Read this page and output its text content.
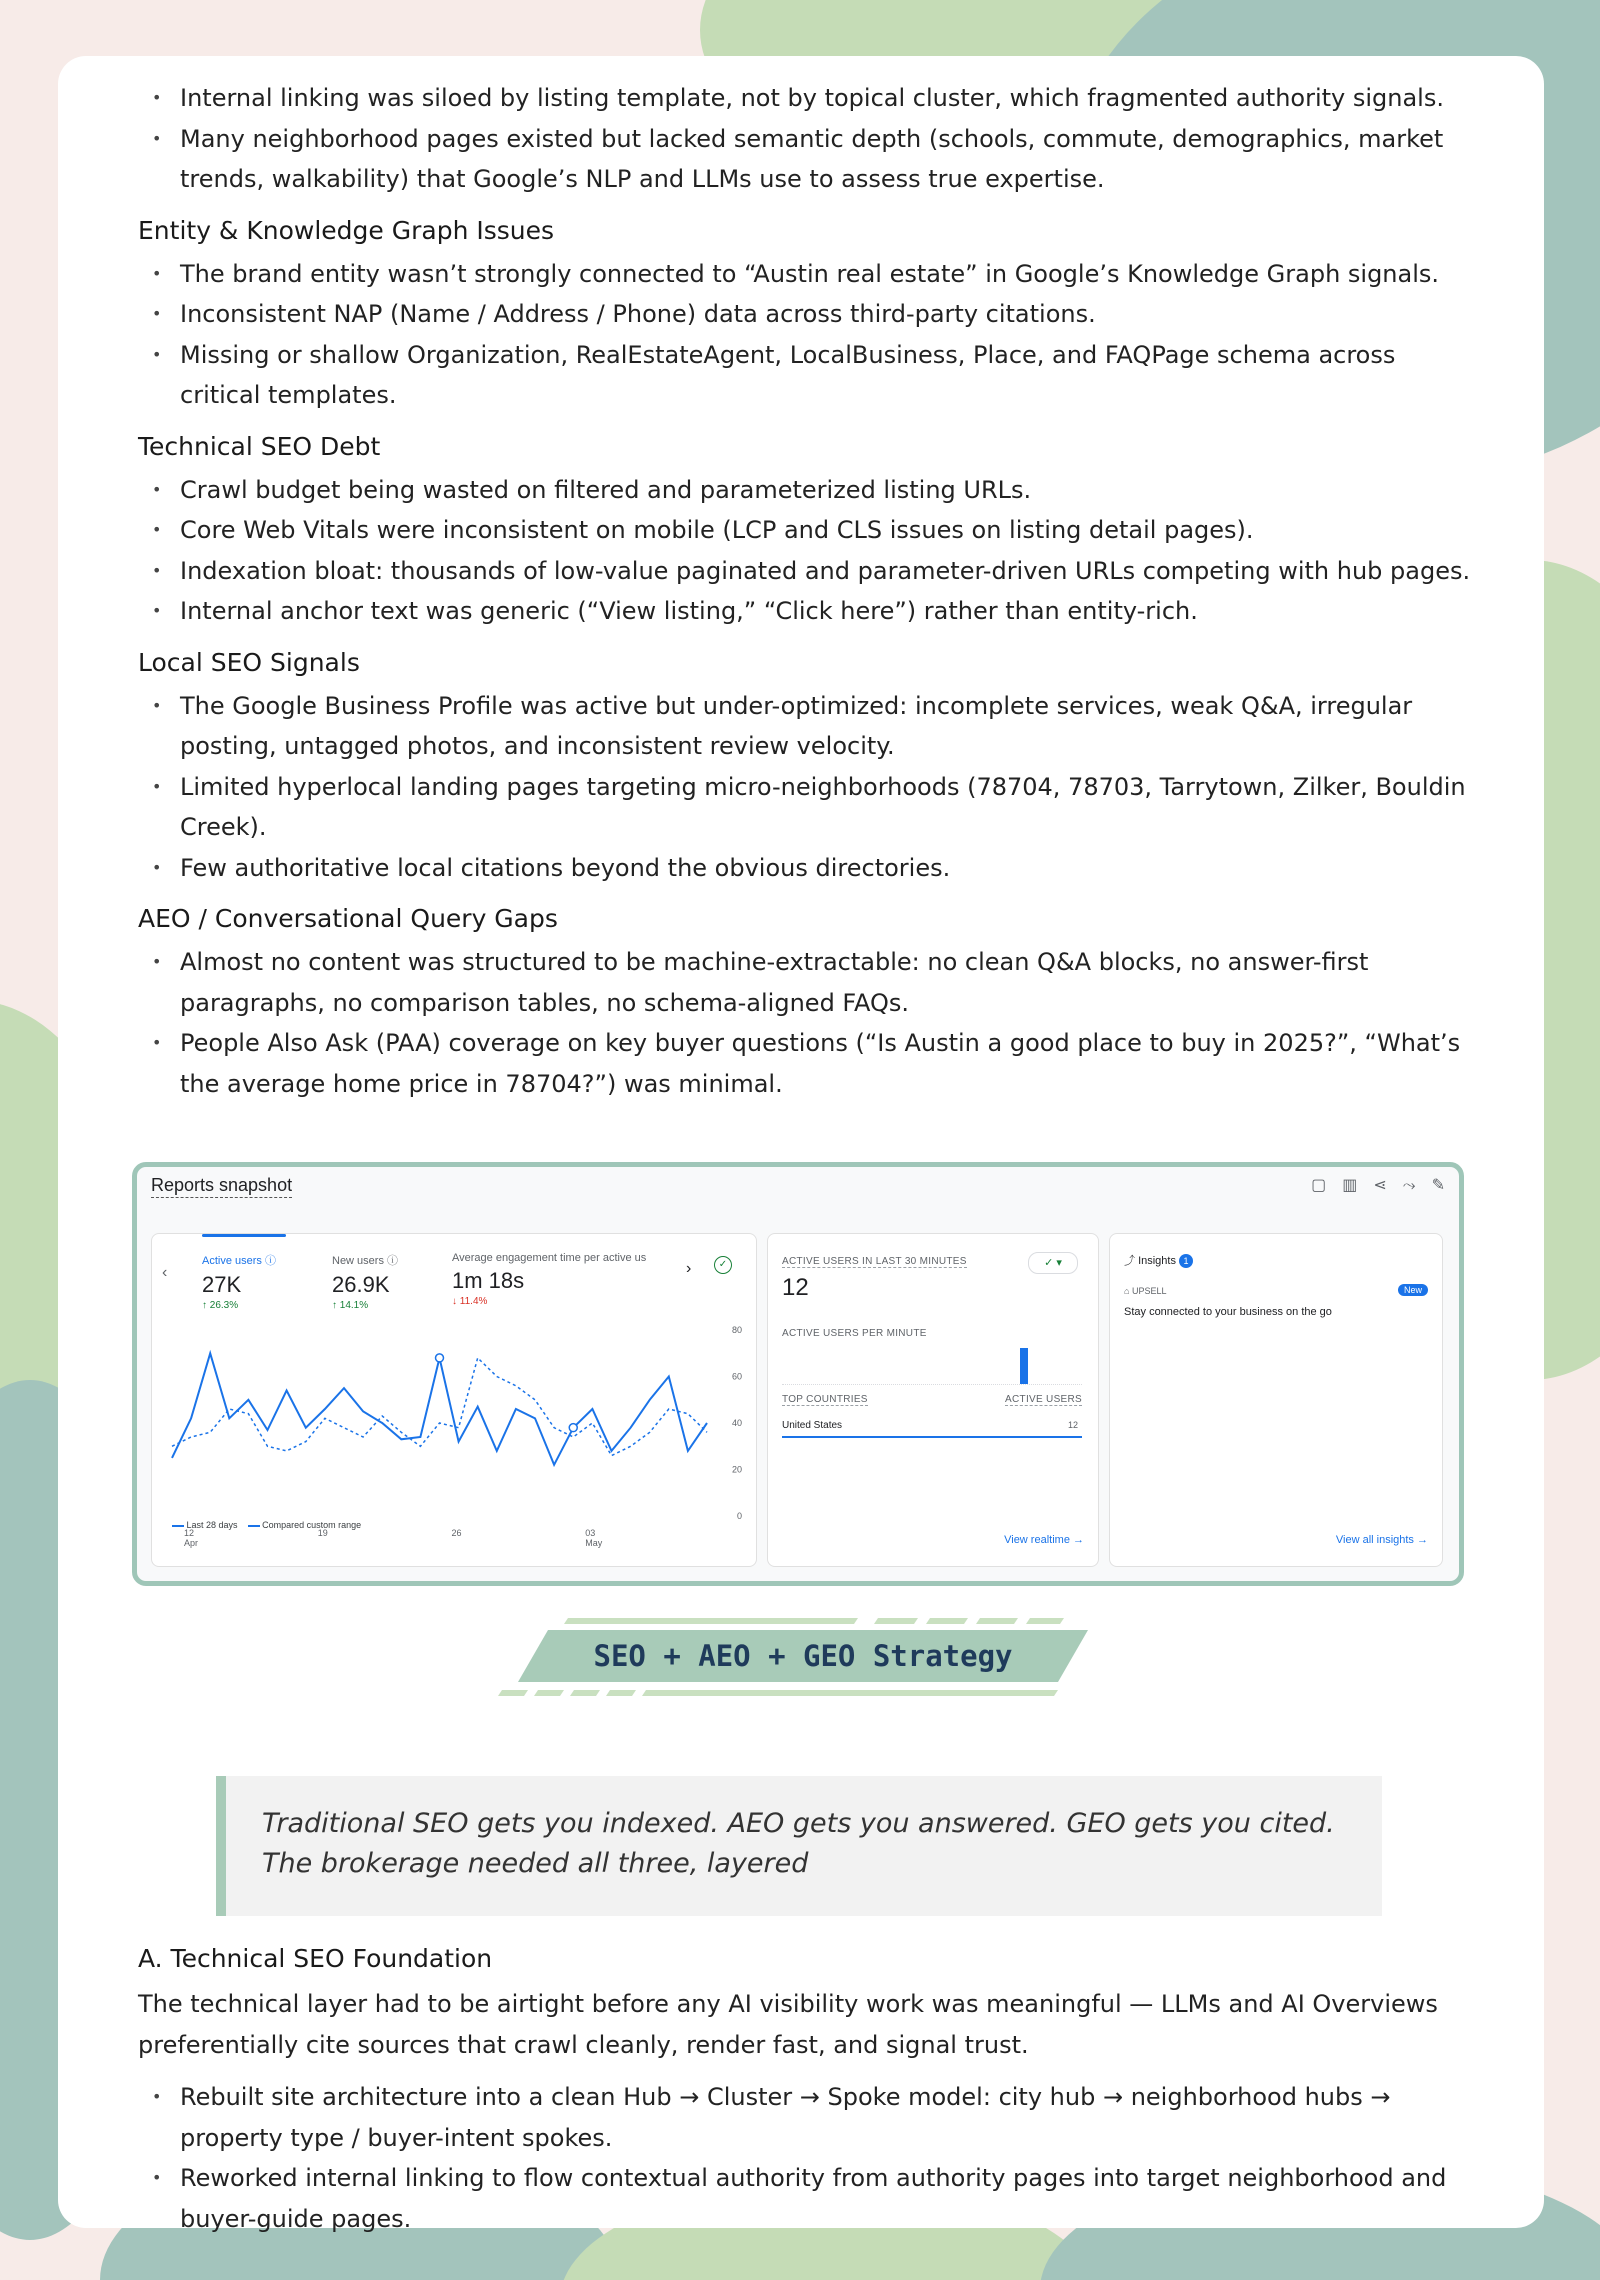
• Internal linking was siloed by listing template, not by topical cluster, which fragmented authority signals.
• Many neighborhood pages existed but lacked semantic depth (schools, commute, demographics, market trends, walkability) that Google’s NLP and LLMs use to assess true expertise.
Entity & Knowledge Graph Issues
• The brand entity wasn’t strongly connected to “Austin real estate” in Google’s Knowledge Graph signals.
• Inconsistent NAP (Name / Address / Phone) data across third-party citations.
• Missing or shallow Organization, RealEstateAgent, LocalBusiness, Place, and FAQPage schema across critical templates.
Technical SEO Debt
• Crawl budget being wasted on filtered and parameterized listing URLs.
• Core Web Vitals were inconsistent on mobile (LCP and CLS issues on listing detail pages).
• Indexation bloat: thousands of low-value paginated and parameter-driven URLs competing with hub pages.
• Internal anchor text was generic (“View listing,” “Click here”) rather than entity-rich.
Local SEO Signals
• The Google Business Profile was active but under-optimized: incomplete services, weak Q&A, irregular posting, untagged photos, and inconsistent review velocity.
• Limited hyperlocal landing pages targeting micro-neighborhoods (78704, 78703, Tarrytown, Zilker, Bouldin Creek).
• Few authoritative local citations beyond the obvious directories.
AEO / Conversational Query Gaps
• Almost no content was structured to be machine-extractable: no clean Q&A blocks, no answer-first paragraphs, no comparison tables, no schema-aligned FAQs.
• People Also Ask (PAA) coverage on key buyer questions (“Is Austin a good place to buy in 2025?”, “What’s the average home price in 78704?”) was minimal.
Reports snapshot	▢ ▥ ⋖ ⤳ ✎
‹
Active users ⓘ
27K
↑ 26.3%
New users ⓘ
26.9K
↑ 14.1%
Average engagement time per active us
1m 18s
↓ 11.4%
›	✓
80
60
40
20
0
12
Apr
19	26	03
May
Last 28 days	Compared custom range
ACTIVE USERS IN LAST 30 MINUTES	✓ ▾
12
ACTIVE USERS PER MINUTE
TOP COUNTRIES	ACTIVE USERS
United States	12
View realtime →
⤴ Insights 1
⌂ UPSELL	New
Stay connected to your business on the go
View all insights →
SEO + AEO + GEO Strategy

Traditional SEO gets you indexed. AEO gets you answered. GEO gets you cited.

The brokerage needed all three, layered

A. Technical SEO Foundation

The technical layer had to be airtight before any AI visibility work was meaningful — LLMs and AI Overviews preferentially cite sources that crawl cleanly, render fast, and signal trust.

• Rebuilt site architecture into a clean Hub → Cluster → Spoke model: city hub → neighborhood hubs → property type / buyer-intent spokes.
• Reworked internal linking to flow contextual authority from authority pages into target neighborhood and buyer-guide pages.
